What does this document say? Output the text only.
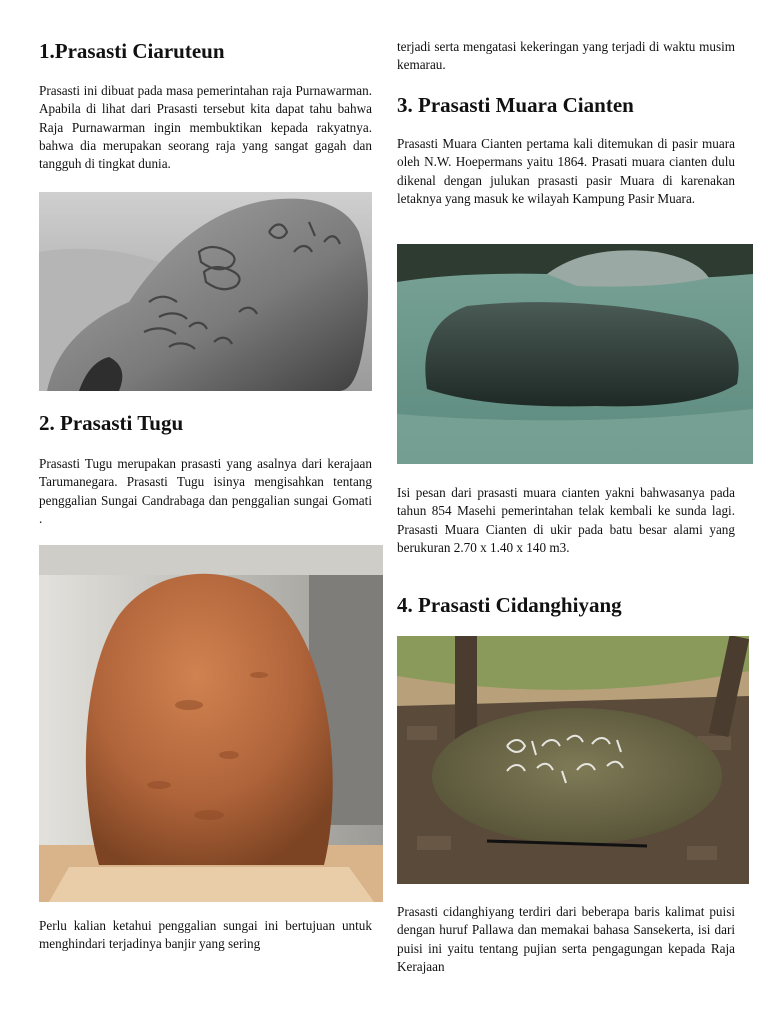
1.Prasasti Ciaruteun

Prasasti ini dibuat pada masa pemerintahan raja Purnawarman. Apabila di lihat dari Prasasti tersebut kita dapat tahu bahwa Raja Purnawarman ingin membuktikan kepada rakyatnya. bahwa dia merupakan seorang raja yang sangat gagah dan tangguh di tingkat dunia.

2. Prasasti Tugu

Prasasti Tugu merupakan prasasti yang asalnya dari kerajaan Tarumanegara. Prasasti Tugu isinya mengisahkan tentang penggalian Sungai Candrabaga dan penggalian sungai Gomati .

Perlu kalian ketahui penggalian sungai ini bertujuan untuk menghindari terjadinya banjir yang sering

terjadi serta mengatasi kekeringan yang terjadi di waktu musim kemarau.

3. Prasasti Muara Cianten

Prasasti Muara Cianten pertama kali ditemukan di pasir muara oleh N.W. Hoepermans yaitu 1864. Prasati muara cianten dulu dikenal dengan julukan prasasti pasir Muara di karenakan letaknya yang masuk ke wilayah Kampung Pasir Muara.

Isi pesan dari prasasti muara cianten yakni bahwasanya pada tahun 854 Masehi pemerintahan telak kembali ke sunda lagi. Prasasti Muara Cianten di ukir pada batu besar alami yang berukuran 2.70 x 1.40 x 140 m3.

4. Prasasti Cidanghiyang

Prasasti cidanghiyang terdiri dari beberapa baris kalimat puisi dengan huruf Pallawa dan memakai bahasa Sansekerta, isi dari puisi ini yaitu tentang pujian serta pengagungan kepada Raja Kerajaan
